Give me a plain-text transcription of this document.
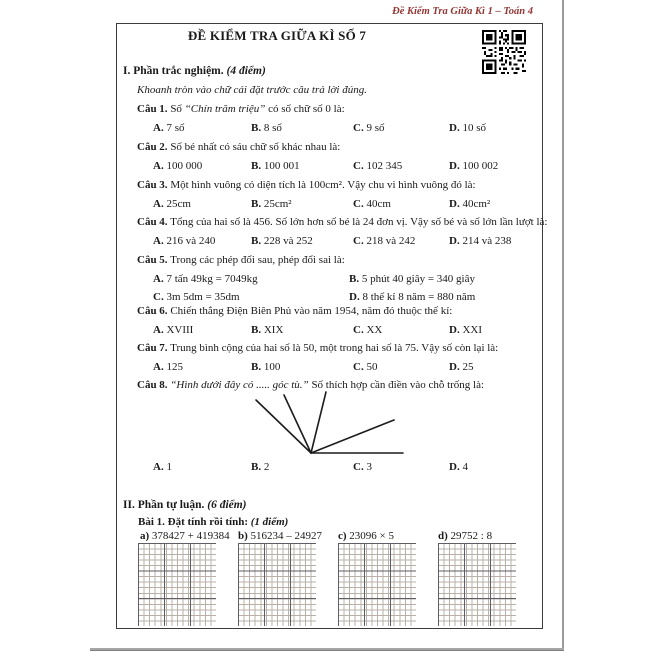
Đề Kiểm Tra Giữa Kì 1 – Toán 4
ĐỀ KIỂM TRA GIỮA KÌ SỐ 7
I. Phần trắc nghiệm. (4 điểm)
Khoanh tròn vào chữ cái đặt trước câu trả lời đúng.
Câu 1. Số “Chín trăm triệu” có số chữ số 0 là:
A. 7 số	B. 8 số	C. 9 số	D. 10 số
Câu 2. Số bé nhất có sáu chữ số khác nhau là:
A. 100 000	B. 100 001	C. 102 345	D. 100 002
Câu 3. Một hình vuông có diện tích là 100cm². Vậy chu vi hình vuông đó là:
A. 25cm	B. 25cm²	C. 40cm	D. 40cm²
Câu 4. Tổng của hai số là 456. Số lớn hơn số bé là 24 đơn vị. Vậy số bé và số lớn lần lượt là:
A. 216 và 240	B. 228 và 252	C. 218 và 242	D. 214 và 238
Câu 5. Trong các phép đổi sau, phép đổi sai là:
A. 7 tấn 49kg = 7049kg	B. 5 phút 40 giây = 340 giây
C. 3m 5dm = 35dm	D. 8 thế kỉ 8 năm = 880 năm
Câu 6. Chiến thắng Điện Biên Phủ vào năm 1954, năm đó thuộc thế kỉ:
A. XVIII	B. XIX	C. XX	D. XXI
Câu 7. Trung bình cộng của hai số là 50, một trong hai số là 75. Vậy số còn lại là:
A. 125	B. 100	C. 50	D. 25
Câu 8. “Hình dưới đây có ..... góc tù.” Số thích hợp cần điền vào chỗ trống là:
A. 1	B. 2	C. 3	D. 4
II. Phần tự luận. (6 điểm)
Bài 1. Đặt tính rồi tính: (1 điểm)
a) 378427 + 419384 b) 516234 – 24927 c) 23096 × 5	d) 29752 : 8
